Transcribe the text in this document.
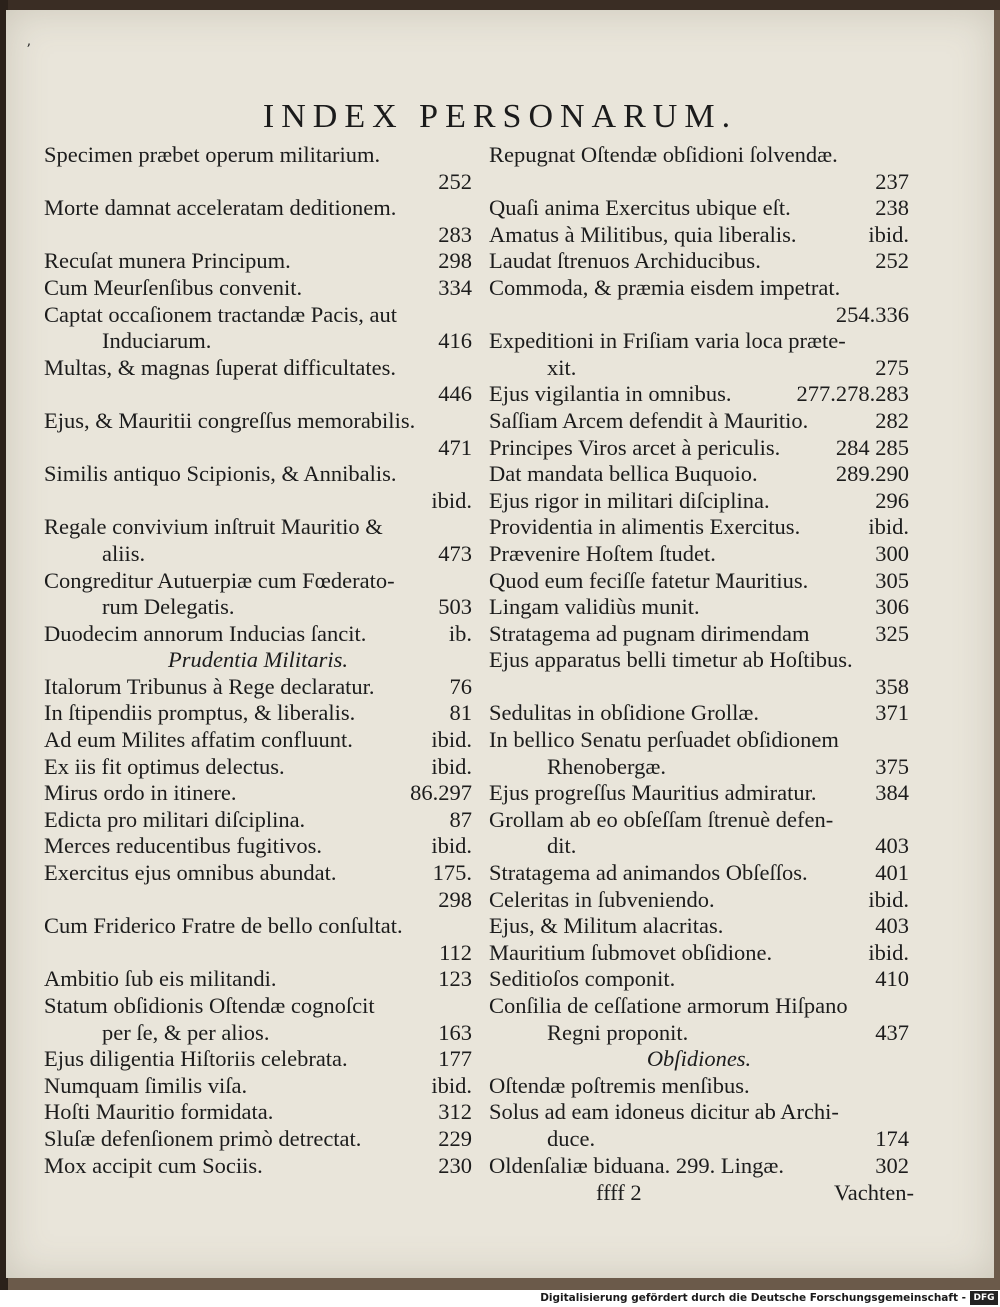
ʼ
INDEX PERSONARUM.
Specimen præbet operum militarium.
252
Morte damnat acceleratam deditionem.
283
Recuſat munera Principum.	298
Cum Meurſenſibus convenit.	334
Captat occaſionem tractandæ Pacis, aut
Induciarum.	416
Multas, & magnas ſuperat difficultates.
446
Ejus, & Mauritii congreſſus memorabilis.
471
Similis antiquo Scipionis, & Annibalis.
ibid.
Regale convivium inſtruit Mauritio &
aliis.	473
Congreditur Autuerpiæ cum Fœderato-
rum Delegatis.	503
Duodecim annorum Inducias ſancit.	ib.
Prudentia Militaris.
Italorum Tribunus à Rege declaratur.	76
In ſtipendiis promptus, & liberalis.	81
Ad eum Milites affatim confluunt.	ibid.
Ex iis fit optimus delectus.	ibid.
Mirus ordo in itinere.	86.297
Edicta pro militari diſciplina.	87
Merces reducentibus fugitivos.	ibid.
Exercitus ejus omnibus abundat.	175.
298
Cum Friderico Fratre de bello conſultat.
112
Ambitio ſub eis militandi.	123
Statum obſidionis Oſtendæ cognoſcit
per ſe, & per alios.	163
Ejus diligentia Hiſtoriis celebrata.	177
Numquam ſimilis viſa.	ibid.
Hoſti Mauritio formidata.	312
Sluſæ defenſionem primò detrectat.	229
Mox accipit cum Sociis.	230
Repugnat Oſtendæ obſidioni ſolvendæ.
237
Quaſi anima Exercitus ubique eſt.	238
Amatus à Militibus, quia liberalis.	ibid.
Laudat ſtrenuos Archiducibus.	252
Commoda, & præmia eisdem impetrat.
254.336
Expeditioni in Friſiam varia loca præte-
xit.	275
Ejus vigilantia in omnibus.	277.278.283
Saſſiam Arcem defendit à Mauritio.	282
Principes Viros arcet à periculis. 284 285
Dat mandata bellica Buquoio.	289.290
Ejus rigor in militari diſciplina.	296
Providentia in alimentis Exercitus.	ibid.
Prævenire Hoſtem ſtudet.	300
Quod eum feciſſe fatetur Mauritius.	305
Lingam validiùs munit.	306
Stratagema ad pugnam dirimendam	325
Ejus apparatus belli timetur ab Hoſtibus.
358
Sedulitas in obſidione Grollæ.	371
In bellico Senatu perſuadet obſidionem
Rhenobergæ.	375
Ejus progreſſus Mauritius admiratur.	384
Grollam ab eo obſeſſam ſtrenuè defen-
dit.	403
Stratagema ad animandos Obſeſſos.	401
Celeritas in ſubveniendo.	ibid.
Ejus, & Militum alacritas.	403
Mauritium ſubmovet obſidione.	ibid.
Seditioſos componit.	410
Conſilia de ceſſatione armorum Hiſpano
Regni proponit.	437
Obſidiones.
Oſtendæ poſtremis menſibus.
Solus ad eam idoneus dicitur ab Archi-
duce.	174
Oldenſaliæ biduana. 299. Lingæ.	302
ffff 2	Vachten-
Digitalisierung gefördert durch die Deutsche Forschungsgemeinschaft - DFG
